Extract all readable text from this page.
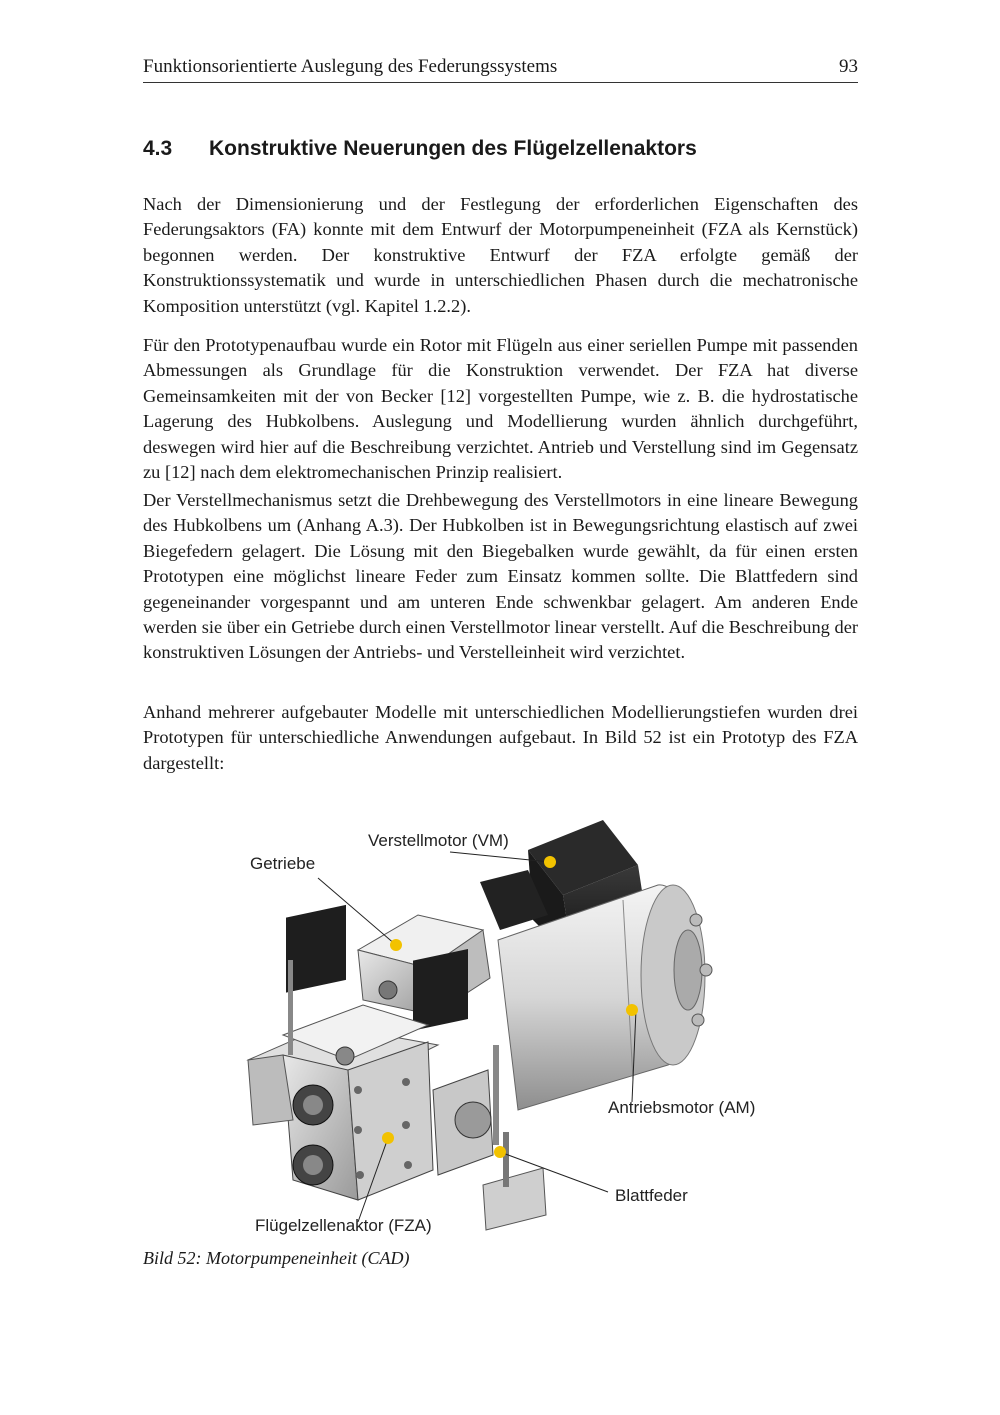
Funktionsorientierte Auslegung des Federungssystems	93
4.3 Konstruktive Neuerungen des Flügelzellenaktors
Nach der Dimensionierung und der Festlegung der erforderlichen Eigenschaften des Federungsaktors (FA) konnte mit dem Entwurf der Motorpumpeneinheit (FZA als Kernstück) begonnen werden. Der konstruktive Entwurf der FZA erfolgte gemäß der Konstruktionssystematik und wurde in unterschiedlichen Phasen durch die mechatronische Komposition unterstützt (vgl. Kapitel 1.2.2).
Für den Prototypenaufbau wurde ein Rotor mit Flügeln aus einer seriellen Pumpe mit passenden Abmessungen als Grundlage für die Konstruktion verwendet. Der FZA hat diverse Gemeinsamkeiten mit der von Becker [12] vorgestellten Pumpe, wie z. B. die hydrostatische Lagerung des Hubkolbens. Auslegung und Modellierung wurden ähnlich durchgeführt, deswegen wird hier auf die Beschreibung verzichtet. Antrieb und Verstellung sind im Gegensatz zu [12] nach dem elektromechanischen Prinzip realisiert.
Der Verstellmechanismus setzt die Drehbewegung des Verstellmotors in eine lineare Bewegung des Hubkolbens um (Anhang A.3). Der Hubkolben ist in Bewegungsrichtung elastisch auf zwei Biegefedern gelagert. Die Lösung mit den Biegebalken wurde gewählt, da für einen ersten Prototypen eine möglichst lineare Feder zum Einsatz kommen sollte. Die Blattfedern sind gegeneinander vorgespannt und am unteren Ende schwenkbar gelagert. Am anderen Ende werden sie über ein Getriebe durch einen Verstellmotor linear verstellt. Auf die Beschreibung der konstruktiven Lösungen der Antriebs- und Verstelleinheit wird verzichtet.
Anhand mehrerer aufgebauter Modelle mit unterschiedlichen Modellierungstiefen wurden drei Prototypen für unterschiedliche Anwendungen aufgebaut. In Bild 52 ist ein Prototyp des FZA dargestellt:
Verstellmotor (VM)
Getriebe
Antriebsmotor (AM)
Blattfeder
Flügelzellenaktor (FZA)
Bild 52: Motorpumpeneinheit (CAD)
